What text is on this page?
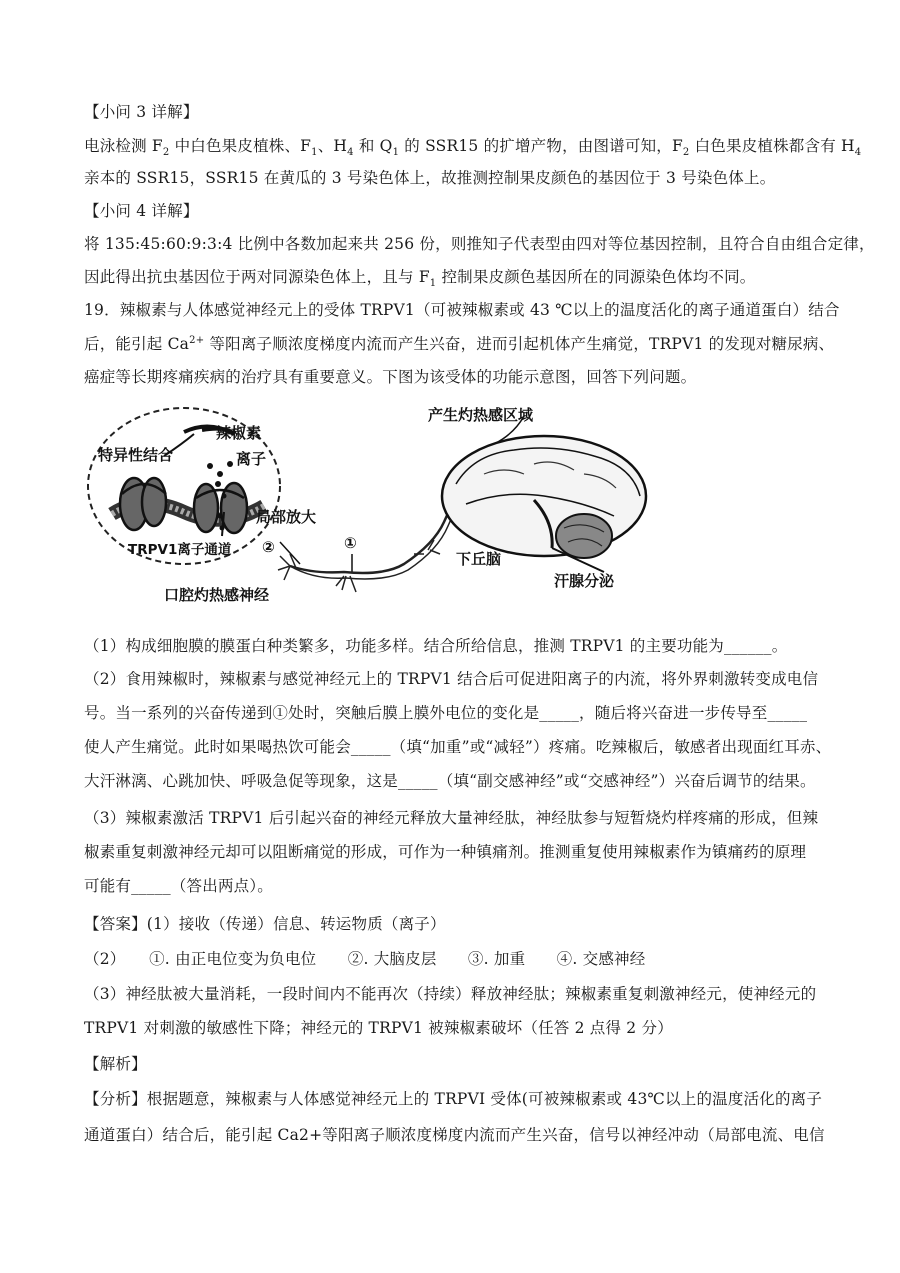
【小问 3 详解】
电泳检测 $F_2$ 中白色果皮植株、$F_1$、$H_4$ 和 $Q_1$ 的 SSR15 的扩增产物，由图谱可知，$F_2$ 白色果皮植株都含有 $H_4$
亲本的 SSR15，SSR15 在黄瓜的 3 号染色体上，故推测控制果皮颜色的基因位于 3 号染色体上。
【小问 4 详解】
将 135:45:60:9:3:4 比例中各数加起来共 256 份，则推知子代表型由四对等位基因控制，且符合自由组合定律，
因此得出抗虫基因位于两对同源染色体上，且与 $F_1$ 控制果皮颜色基因所在的同源染色体均不同。
19．辣椒素与人体感觉神经元上的受体 TRPV1（可被辣椒素或 43 ℃以上的温度活化的离子通道蛋白）结合
后，能引起 $Ca^{2+}$ 等阳离子顺浓度梯度内流而产生兴奋，进而引起机体产生痛觉，TRPV1 的发现对糖尿病、
癌症等长期疼痛疾病的治疗具有重要意义。下图为该受体的功能示意图，回答下列问题。
辣椒素
特异性结合	离子
TRPV1离子通道
局部放大
②	①
口腔灼热感神经
产生灼热感区域
下丘脑
汗腺分泌
（1）构成细胞膜的膜蛋白种类繁多，功能多样。结合所给信息，推测 TRPV1 的主要功能为______。
（2）食用辣椒时，辣椒素与感觉神经元上的 TRPV1 结合后可促进阳离子的内流，将外界刺激转变成电信
号。当一系列的兴奋传递到①处时，突触后膜上膜外电位的变化是_____，随后将兴奋进一步传导至_____
使人产生痛觉。此时如果喝热饮可能会_____（填“加重”或“减轻”）疼痛。吃辣椒后，敏感者出现面红耳赤、
大汗淋漓、心跳加快、呼吸急促等现象，这是_____（填“副交感神经”或“交感神经”）兴奋后调节的结果。
（3）辣椒素激活 TRPV1 后引起兴奋的神经元释放大量神经肽，神经肽参与短暂烧灼样疼痛的形成，但辣
椒素重复刺激神经元却可以阻断痛觉的形成，可作为一种镇痛剂。推测重复使用辣椒素作为镇痛药的原理
可能有_____（答出两点）。
【答案】(1）接收（传递）信息、转运物质（离子）
（2）　　①. 由正电位变为负电位　　②. 大脑皮层　　③. 加重　　④. 交感神经
（3）神经肽被大量消耗，一段时间内不能再次（持续）释放神经肽；辣椒素重复刺激神经元，使神经元的
TRPV1 对刺激的敏感性下降；神经元的 TRPV1 被辣椒素破坏（任答 2 点得 2 分）
【解析】
【分析】根据题意，辣椒素与人体感觉神经元上的 TRPVI 受体(可被辣椒素或 43℃以上的温度活化的离子
通道蛋白）结合后，能引起 Ca2+等阳离子顺浓度梯度内流而产生兴奋，信号以神经冲动（局部电流、电信
